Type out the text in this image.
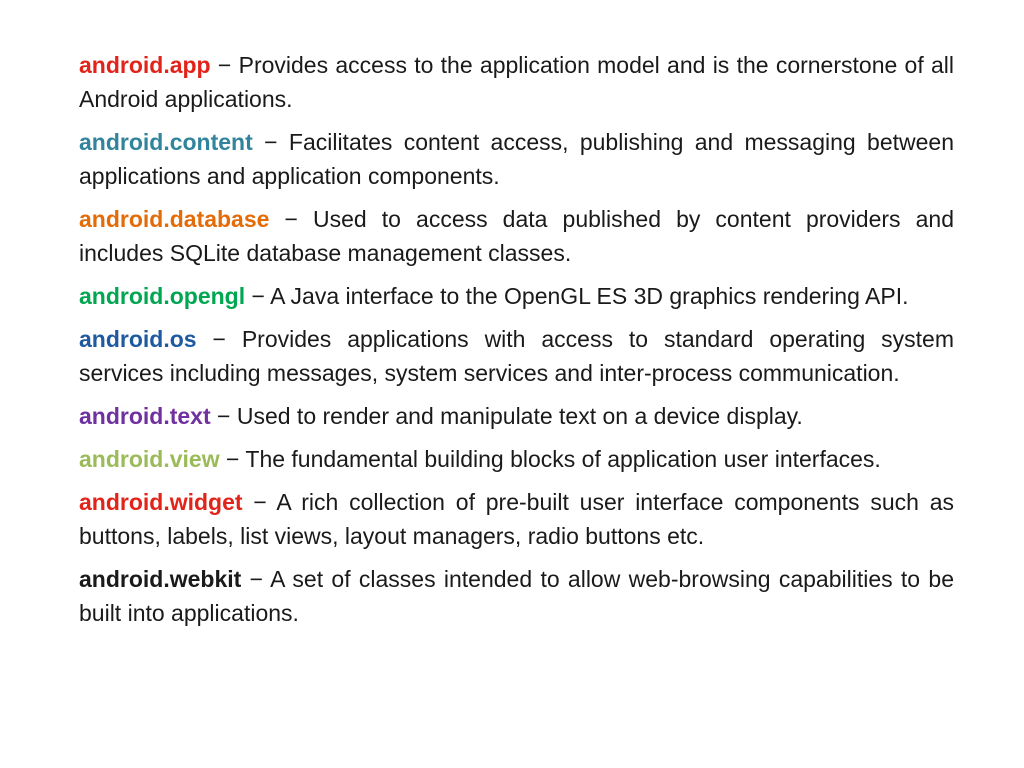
android.app − Provides access to the application model and is the cornerstone of all Android applications.

android.content − Facilitates content access, publishing and messaging between applications and application components.

android.database − Used to access data published by content providers and includes SQLite database management classes.

android.opengl − A Java interface to the OpenGL ES 3D graphics rendering API.

android.os − Provides applications with access to standard operating system services including messages, system services and inter-process communication.

android.text − Used to render and manipulate text on a device display.

android.view − The fundamental building blocks of application user interfaces.

android.widget − A rich collection of pre-built user interface components such as buttons, labels, list views, layout managers, radio buttons etc.

android.webkit − A set of classes intended to allow web-browsing capabilities to be built into applications.
